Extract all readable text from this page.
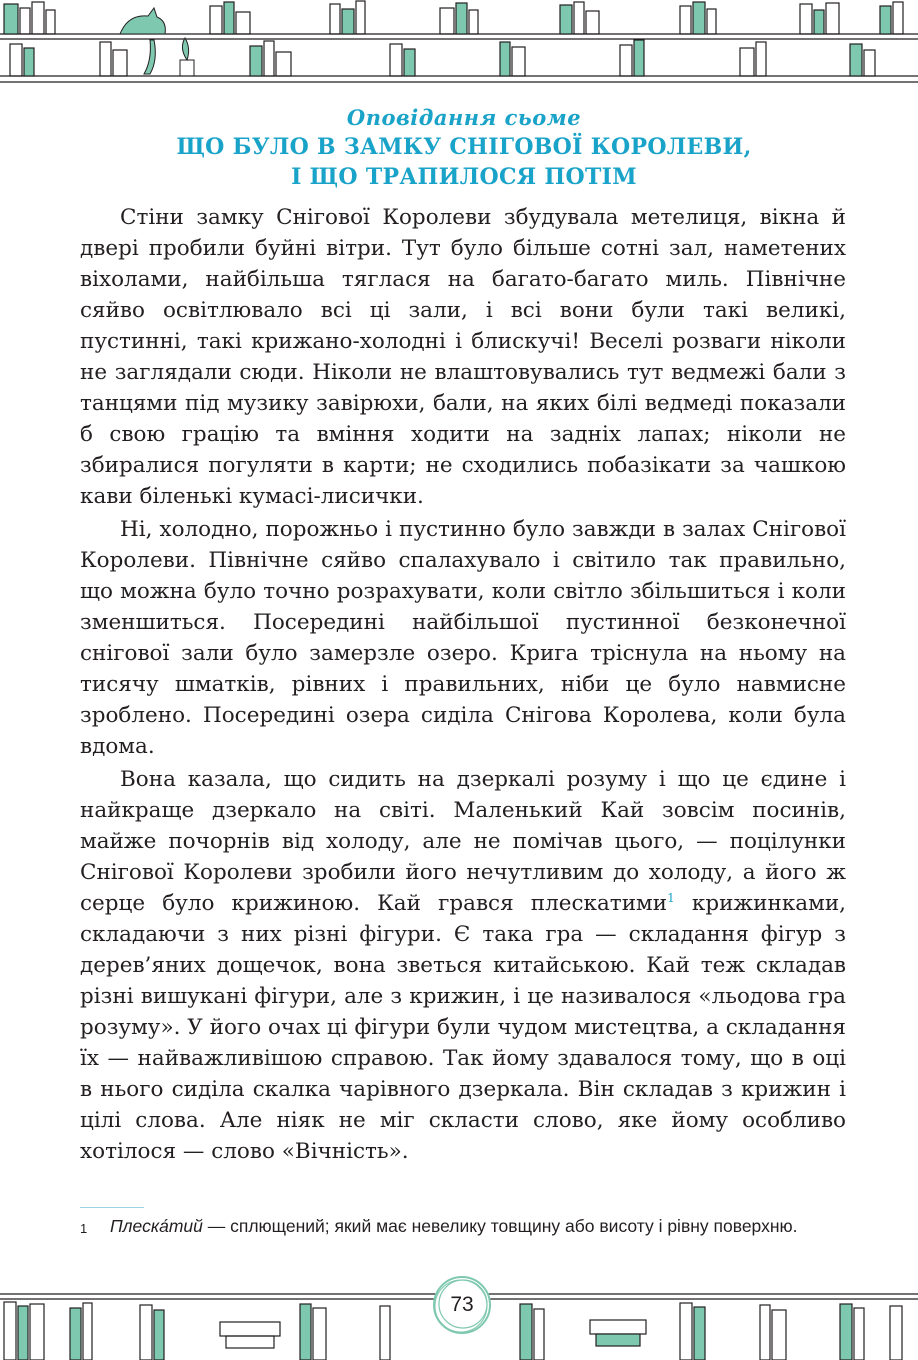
Оповідання сьоме
ЩО БУЛО В ЗАМКУ СНІГОВОЇ КОРОЛЕВИ,
І ЩО ТРАПИЛОСЯ ПОТІМ

Стіни замку Снігової Королеви збудувала метелиця, вікна й двері пробили буйні вітри. Тут було більше сотні зал, наметених віхолами, найбільша тяглася на багато-багато миль. Північне сяйво освітлювало всі ці зали, і всі вони були такі великі, пустинні, такі крижано-холодні і блискучі! Веселі розваги ніколи не заглядали сюди. Ніколи не влаштовувались тут ведмежі бали з танцями під музику завірюхи, бали, на яких білі ведмеді показали б свою грацію та вміння ходити на задніх лапах; ніколи не збиралися погуляти в карти; не сходились побазікати за чашкою кави біленькі кумасі-лисички.

Ні, холодно, порожньо і пустинно було завжди в залах Снігової Королеви. Північне сяйво спалахувало і світило так правильно, що можна було точно розрахувати, коли світло збільшиться і коли зменшиться. Посередині найбільшої пустинної безконечної снігової зали було замерзле озеро. Крига тріснула на ньому на тисячу шматків, рівних і правильних, ніби це було навмисне зроблено. Посередині озера сиділа Снігова Королева, коли була вдома.

Вона казала, що сидить на дзеркалі розуму і що це єдине і найкраще дзеркало на світі. Маленький Кай зовсім посинів, майже почорнів від холоду, але не помічав цього, — поцілунки Снігової Королеви зробили його нечутливим до холоду, а його ж серце було крижиною. Кай грався плескатими$^1$ крижинками, складаючи з них різні фігури. Є така гра — складання фігур з дерев’яних дощечок, вона зветься китайською. Кай теж складав різні вишукані фігури, але з крижин, і це називалося «льодова гра розуму». У його очах ці фігури були чудом мистецтва, а складання їх — найважливішою справою. Так йому здавалося тому, що в оці в нього сиділа скалка чарівного дзеркала. Він складав з крижин і цілі слова. Але ніяк не міг скласти слово, яке йому особливо хотілося — слово «Вічність».

1 Плеска́тий — сплющений; який має невелику товщину або висоту і рівну поверхню.
73
